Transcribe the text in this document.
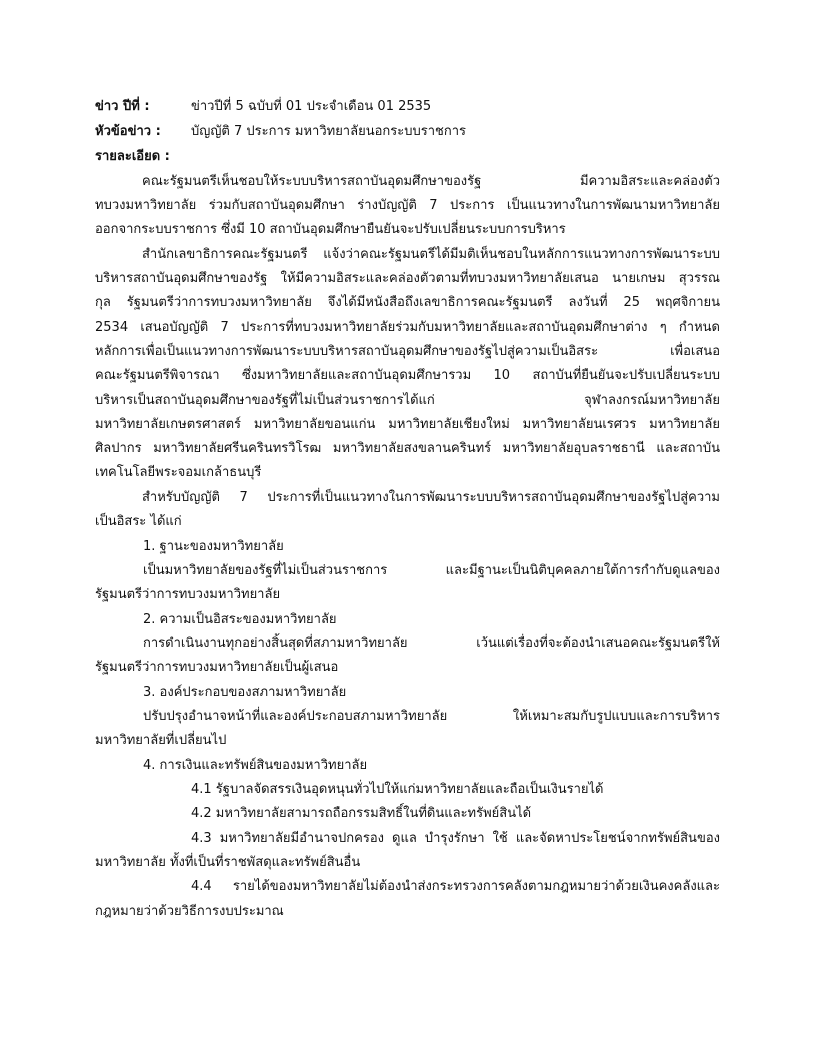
ข่าว ปีที่ :	ข่าวปีที่ 5 ฉบับที่ 01 ประจำเดือน 01 2535
หัวข้อข่าว : บัญญัติ 7 ประการ มหาวิทยาลัยนอกระบบราชการ
รายละเอียด :
คณะรัฐมนตรีเห็นชอบให้ระบบบริหารสถาบันอุดมศึกษาของรัฐ มีความอิสระและคล่องตัว
ทบวงมหาวิทยาลัย ร่วมกับสถาบันอุดมศึกษา ร่างบัญญัติ 7 ประการ เป็นแนวทางในการพัฒนามหาวิทยาลัย
ออกจากระบบราชการ ซึ่งมี 10 สถาบันอุดมศึกษายืนยันจะปรับเปลี่ยนระบบการบริหาร
สำนักเลขาธิการคณะรัฐมนตรี แจ้งว่าคณะรัฐมนตรีได้มีมติเห็นชอบในหลักการแนวทางการพัฒนาระบบ
บริหารสถาบันอุดมศึกษาของรัฐ ให้มีความอิสระและคล่องตัวตามที่ทบวงมหาวิทยาลัยเสนอ นายเกษม สุวรรณ
กุล รัฐมนตรีว่าการทบวงมหาวิทยาลัย จึงได้มีหนังสือถึงเลขาธิการคณะรัฐมนตรี ลงวันที่ 25 พฤศจิกายน
2534 เสนอบัญญัติ 7 ประการที่ทบวงมหาวิทยาลัยร่วมกับมหาวิทยาลัยและสถาบันอุดมศึกษาต่าง ๆ กำหนด
หลักการเพื่อเป็นแนวทางการพัฒนาระบบบริหารสถาบันอุดมศึกษาของรัฐไปสู่ความเป็นอิสระ เพื่อเสนอ
คณะรัฐมนตรีพิจารณา ซึ่งมหาวิทยาลัยและสถาบันอุดมศึกษารวม 10 สถาบันที่ยืนยันจะปรับเปลี่ยนระบบ
บริหารเป็นสถาบันอุดมศึกษาของรัฐที่ไม่เป็นส่วนราชการได้แก่ จุฬาลงกรณ์มหาวิทยาลัย
มหาวิทยาลัยเกษตรศาสตร์ มหาวิทยาลัยขอนแก่น มหาวิทยาลัยเชียงใหม่ มหาวิทยาลัยนเรศวร มหาวิทยาลัย
ศิลปากร มหาวิทยาลัยศรีนครินทรวิโรฒ มหาวิทยาลัยสงขลานครินทร์ มหาวิทยาลัยอุบลราชธานี และสถาบัน
เทคโนโลยีพระจอมเกล้าธนบุรี
สำหรับบัญญัติ 7 ประการที่เป็นแนวทางในการพัฒนาระบบบริหารสถาบันอุดมศึกษาของรัฐไปสู่ความ
เป็นอิสระ ได้แก่
1. ฐานะของมหาวิทยาลัย
เป็นมหาวิทยาลัยของรัฐที่ไม่เป็นส่วนราชการ และมีฐานะเป็นนิติบุคคลภายใต้การกำกับดูแลของ
รัฐมนตรีว่าการทบวงมหาวิทยาลัย
2. ความเป็นอิสระของมหาวิทยาลัย
การดำเนินงานทุกอย่างสิ้นสุดที่สภามหาวิทยาลัย เว้นแต่เรื่องที่จะต้องนำเสนอคณะรัฐมนตรีให้
รัฐมนตรีว่าการทบวงมหาวิทยาลัยเป็นผู้เสนอ
3. องค์ประกอบของสภามหาวิทยาลัย
ปรับปรุงอำนาจหน้าที่และองค์ประกอบสภามหาวิทยาลัย ให้เหมาะสมกับรูปแบบและการบริหาร
มหาวิทยาลัยที่เปลี่ยนไป
4. การเงินและทรัพย์สินของมหาวิทยาลัย
4.1 รัฐบาลจัดสรรเงินอุดหนุนทั่วไปให้แก่มหาวิทยาลัยและถือเป็นเงินรายได้
4.2 มหาวิทยาลัยสามารถถือกรรมสิทธิ์ในที่ดินและทรัพย์สินได้
4.3 มหาวิทยาลัยมีอำนาจปกครอง ดูแล บำรุงรักษา ใช้ และจัดหาประโยชน์จากทรัพย์สินของ
มหาวิทยาลัย ทั้งที่เป็นที่ราชพัสดุและทรัพย์สินอื่น
4.4 รายได้ของมหาวิทยาลัยไม่ต้องนำส่งกระทรวงการคลังตามกฎหมายว่าด้วยเงินคงคลังและ
กฎหมายว่าด้วยวิธีการงบประมาณ
